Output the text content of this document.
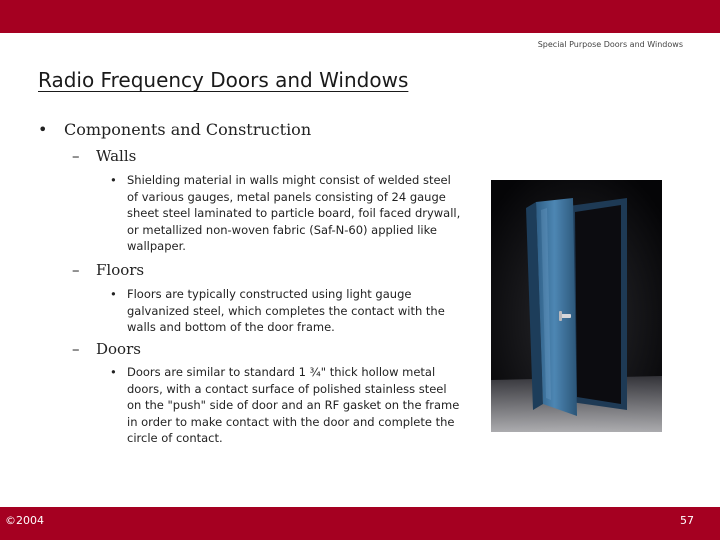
Special Purpose Doors and Windows
Radio Frequency Doors and Windows
• Components and Construction
– Walls
• Shielding material in walls might consist of welded steel of various gauges, metal panels consisting of 24 gauge sheet steel laminated to particle board, foil faced drywall, or metallized non-woven fabric (Saf-N-60) applied like wallpaper.
– Floors
• Floors are typically constructed using light gauge galvanized steel, which completes the contact with the walls and bottom of the door frame.
– Doors
• Doors are similar to standard 1 ¾" thick hollow metal doors, with a contact surface of polished stainless steel on the "push" side of door and an RF gasket on the frame in order to make contact with the door and complete the circle of contact.
©2004	57
